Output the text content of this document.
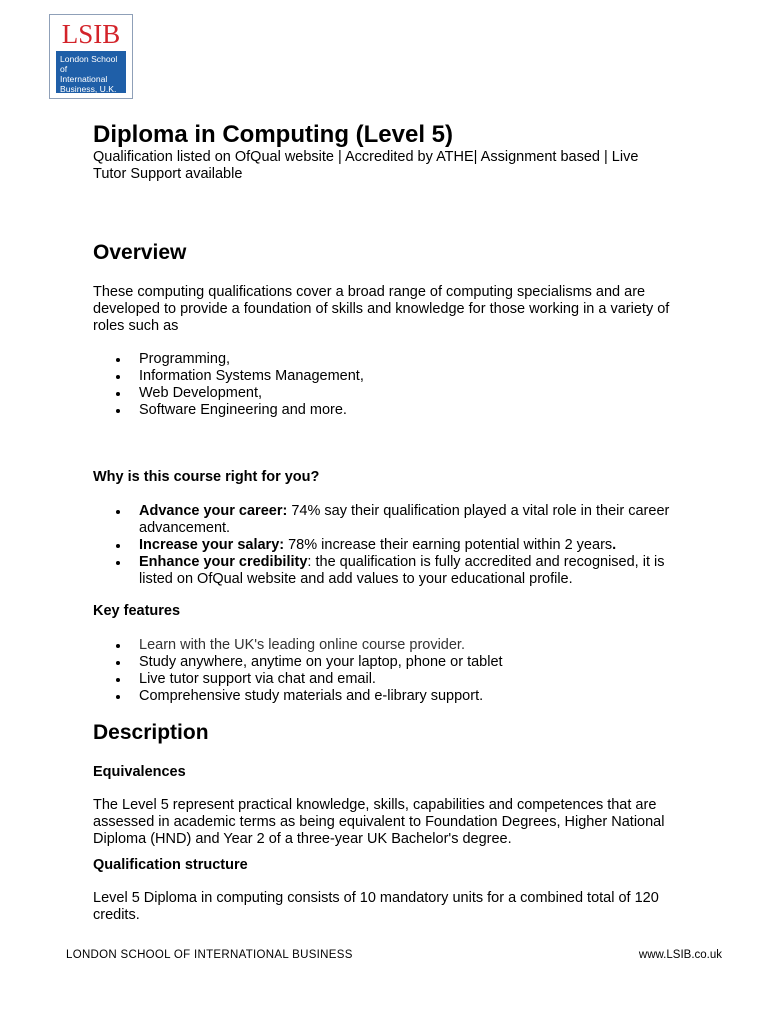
LSIB
London School of
International
Business, U.K.
Diploma in Computing (Level 5)
Qualification listed on OfQual website | Accredited by ATHE| Assignment based | Live Tutor Support available
Overview
These computing qualifications cover a broad range of computing specialisms and are developed to provide a foundation of skills and knowledge for those working in a variety of roles such as
Programming,
Information Systems Management,
Web Development,
Software Engineering and more.
Why is this course right for you?
Advance your career: 74% say their qualification played a vital role in their career advancement.
Increase your salary: 78% increase their earning potential within 2 years.
Enhance your credibility: the qualification is fully accredited and recognised, it is listed on OfQual website and add values to your educational profile.
Key features
Learn with the UK's leading online course provider.
Study anywhere, anytime on your laptop, phone or tablet
Live tutor support via chat and email.
Comprehensive study materials and e-library support.
Description
Equivalences
The Level 5 represent practical knowledge, skills, capabilities and competences that are assessed in academic terms as being equivalent to Foundation Degrees, Higher National Diploma (HND) and Year 2 of a three-year UK Bachelor's degree.
Qualification structure
Level 5 Diploma in computing consists of 10 mandatory units for a combined total of 120 credits.
LONDON SCHOOL OF INTERNATIONAL BUSINESS	www.LSIB.co.uk
